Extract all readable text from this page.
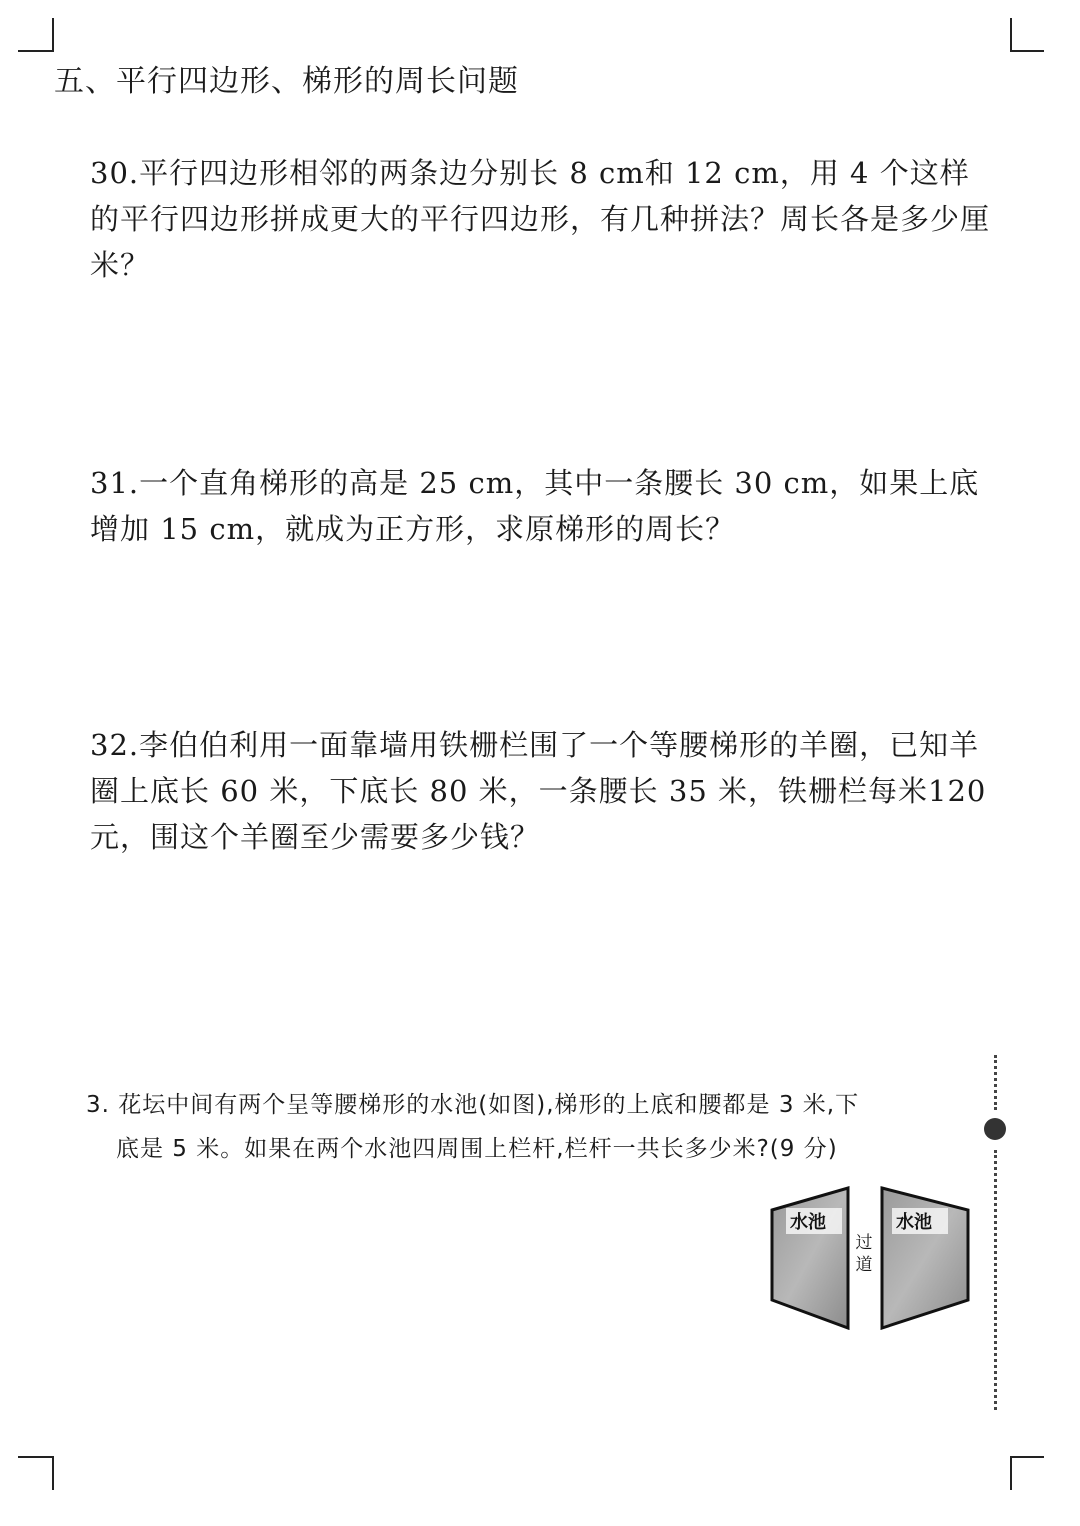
五、平行四边形、梯形的周长问题

30.平行四边形相邻的两条边分别长 8 cm和 12 cm，用 4 个这样的平行四边形拼成更大的平行四边形，有几种拼法？周长各是多少厘米？

31.一个直角梯形的高是 25 cm，其中一条腰长 30 cm，如果上底增加 15 cm，就成为正方形，求原梯形的周长？

32.李伯伯利用一面靠墙用铁栅栏围了一个等腰梯形的羊圈，已知羊圈上底长 60 米，下底长 80 米，一条腰长 35 米，铁栅栏每米120 元，围这个羊圈至少需要多少钱？

3. 花坛中间有两个呈等腰梯形的水池(如图),梯形的上底和腰都是 3 米,下
底是 5 米。如果在两个水池四周围上栏杆,栏杆一共长多少米?(9 分)

水池	水池
过
道
